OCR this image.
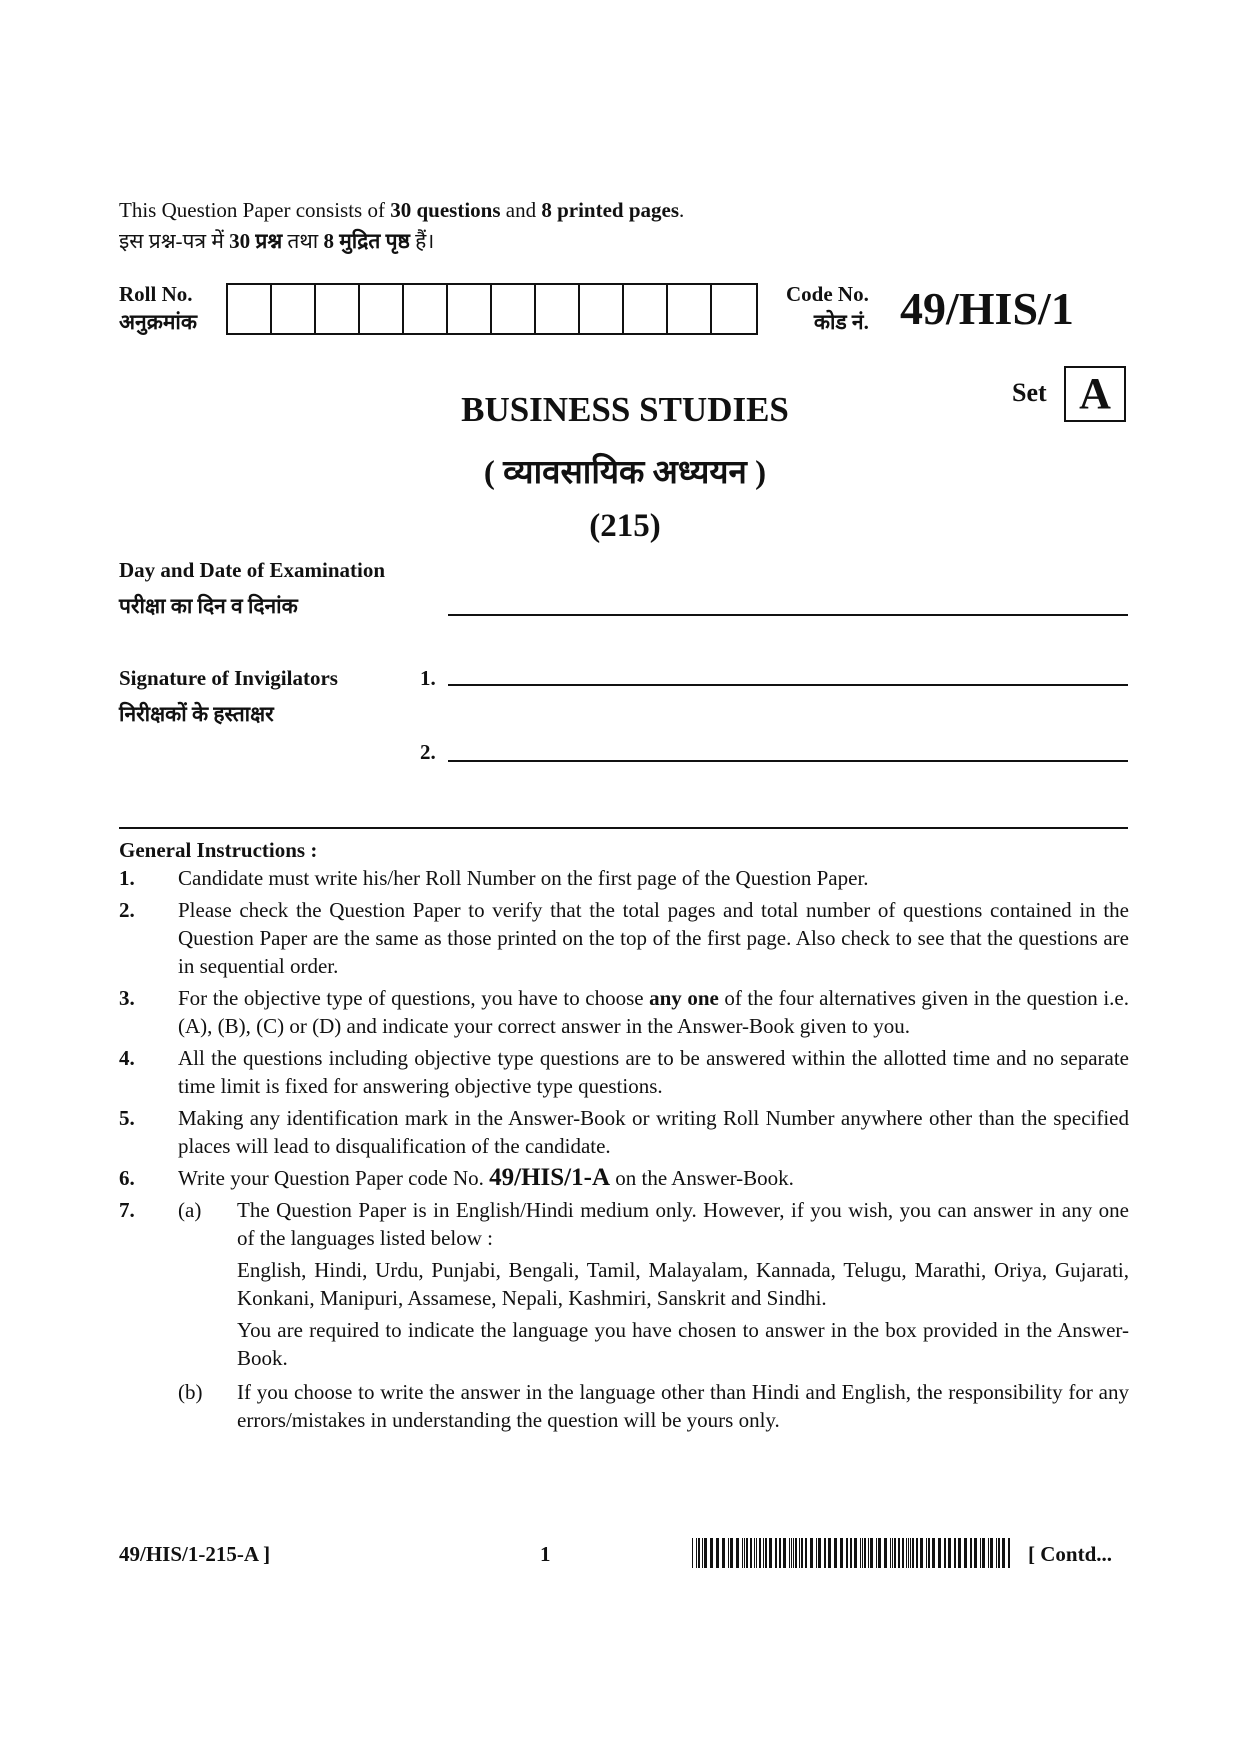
This Question Paper consists of 30 questions and 8 printed pages.
इस प्रश्न-पत्र में 30 प्रश्न तथा 8 मुद्रित पृष्ठ हैं।
Roll No.
अनुक्रमांक
Code No.
कोड नं. 49/HIS/1
Set A
BUSINESS STUDIES
( व्यावसायिक अध्ययन )
(215)
Day and Date of Examination
परीक्षा का दिन व दिनांक
Signature of Invigilators
निरीक्षकों के हस्ताक्षर
1.
2.
General Instructions :
1.	Candidate must write his/her Roll Number on the first page of the Question Paper.
2.	Please check the Question Paper to verify that the total pages and total number of questions contained in the Question Paper are the same as those printed on the top of the first page. Also check to see that the questions are in sequential order.
3.	For the objective type of questions, you have to choose any one of the four alternatives given in the question i.e. (A), (B), (C) or (D) and indicate your correct answer in the Answer-Book given to you.
4.	All the questions including objective type questions are to be answered within the allotted time and no separate time limit is fixed for answering objective type questions.
5.	Making any identification mark in the Answer-Book or writing Roll Number anywhere other than the specified places will lead to disqualification of the candidate.
6.	Write your Question Paper code No. 49/HIS/1-A on the Answer-Book.
7.	(a)	The Question Paper is in English/Hindi medium only. However, if you wish, you can answer in any one of the languages listed below :
English, Hindi, Urdu, Punjabi, Bengali, Tamil, Malayalam, Kannada, Telugu, Marathi, Oriya, Gujarati, Konkani, Manipuri, Assamese, Nepali, Kashmiri, Sanskrit and Sindhi.
You are required to indicate the language you have chosen to answer in the box provided in the Answer-Book.
(b)	If you choose to write the answer in the language other than Hindi and English, the responsibility for any errors/mistakes in understanding the question will be yours only.
49/HIS/1-215-A ]	1	[ Contd...
